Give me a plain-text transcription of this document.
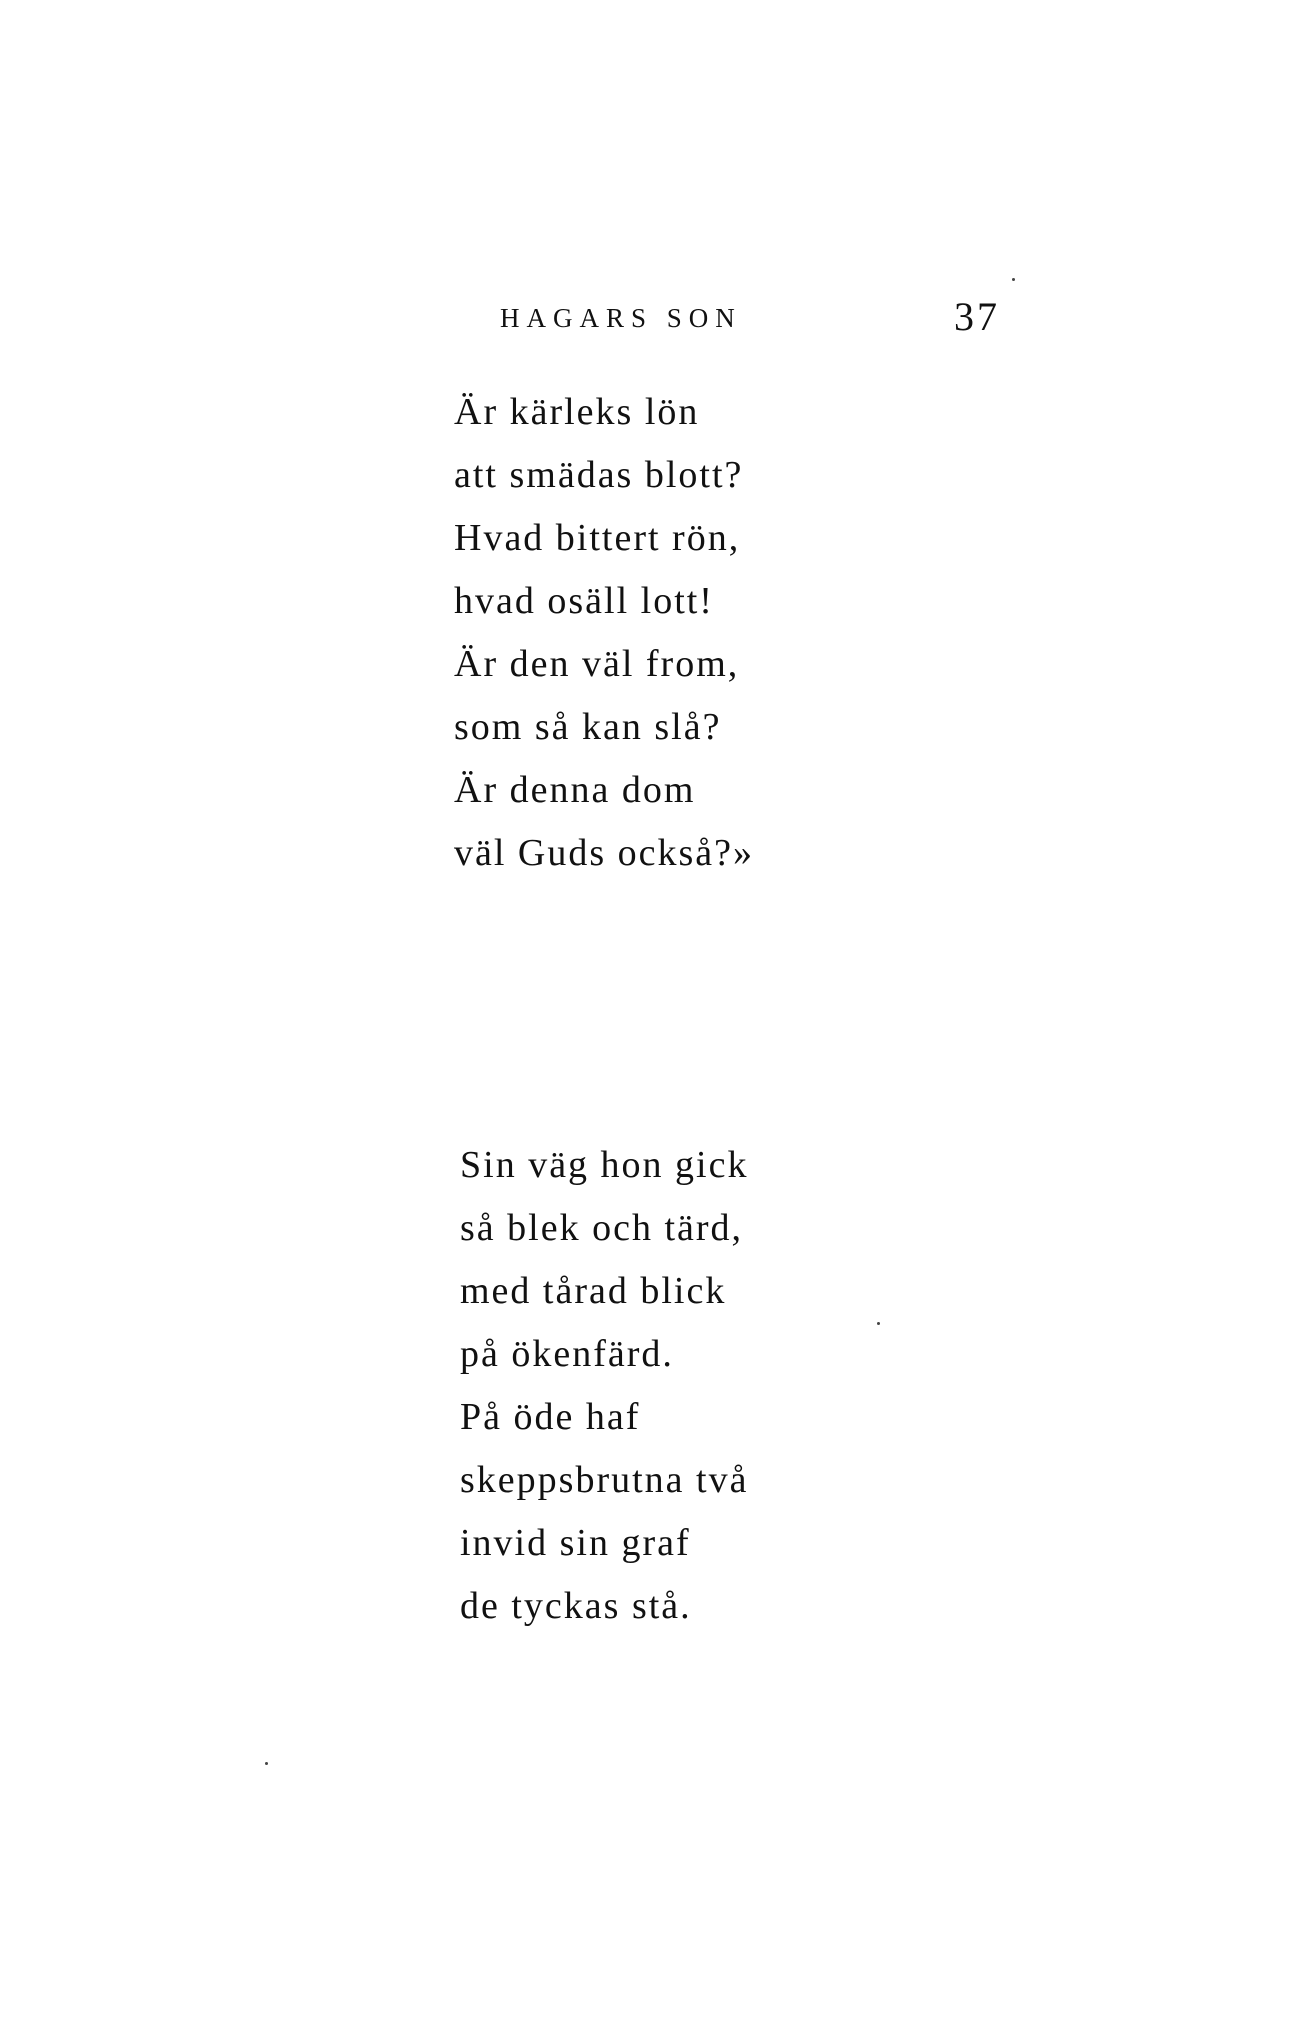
HAGARS SON	37
Är kärleks lön
att smädas blott?
Hvad bittert rön,
hvad osäll lott!
Är den väl from,
som så kan slå?
Är denna dom
väl Guds också?»
Sin väg hon gick
så blek och tärd,
med tårad blick
på ökenfärd.
På öde haf
skeppsbrutna två
invid sin graf
de tyckas stå.
